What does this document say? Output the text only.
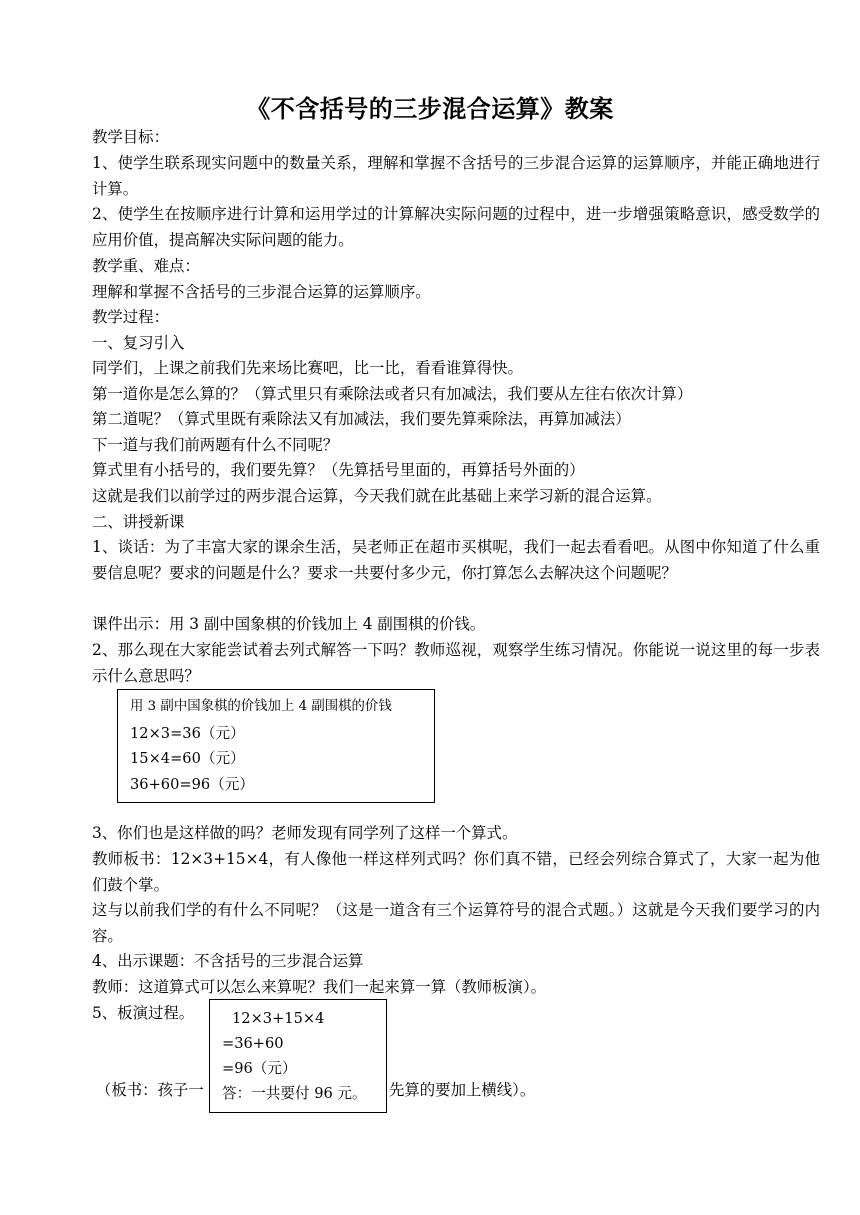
《不含括号的三步混合运算》教案
教学目标：
1、使学生联系现实问题中的数量关系，理解和掌握不含括号的三步混合运算的运算顺序，并能正确地进行计算。
2、使学生在按顺序进行计算和运用学过的计算解决实际问题的过程中，进一步增强策略意识，感受数学的应用价值，提高解决实际问题的能力。
教学重、难点：
理解和掌握不含括号的三步混合运算的运算顺序。
教学过程：
一、复习引入
同学们，上课之前我们先来场比赛吧，比一比，看看谁算得快。
第一道你是怎么算的？（算式里只有乘除法或者只有加减法，我们要从左往右依次计算）
第二道呢？（算式里既有乘除法又有加减法，我们要先算乘除法，再算加减法）
下一道与我们前两题有什么不同呢？
算式里有小括号的，我们要先算？（先算括号里面的，再算括号外面的）
这就是我们以前学过的两步混合运算，今天我们就在此基础上来学习新的混合运算。
二、讲授新课
1、谈话：为了丰富大家的课余生活，吴老师正在超市买棋呢，我们一起去看看吧。从图中你知道了什么重要信息呢？要求的问题是什么？要求一共要付多少元，你打算怎么去解决这个问题呢？
课件出示：用 3 副中国象棋的价钱加上 4 副围棋的价钱。
2、那么现在大家能尝试着去列式解答一下吗？教师巡视，观察学生练习情况。你能说一说这里的每一步表示什么意思吗？
用 3 副中国象棋的价钱加上 4 副围棋的价钱
12×3=36（元）
15×4=60（元）
36+60=96（元）
3、你们也是这样做的吗？老师发现有同学列了这样一个算式。
教师板书：12×3+15×4，有人像他一样这样列式吗？你们真不错，已经会列综合算式了，大家一起为他们鼓个掌。
这与以前我们学的有什么不同呢？（这是一道含有三个运算符号的混合式题。）这就是今天我们要学习的内容。
4、出示课题：不含括号的三步混合运算
教师：这道算式可以怎么来算呢？我们一起来算一算（教师板演）。
5、板演过程。	12×3+15×4
=36+60
=96（元）
答：一共要付 96 元。
（板书：孩子一	先算的要加上横线）。
